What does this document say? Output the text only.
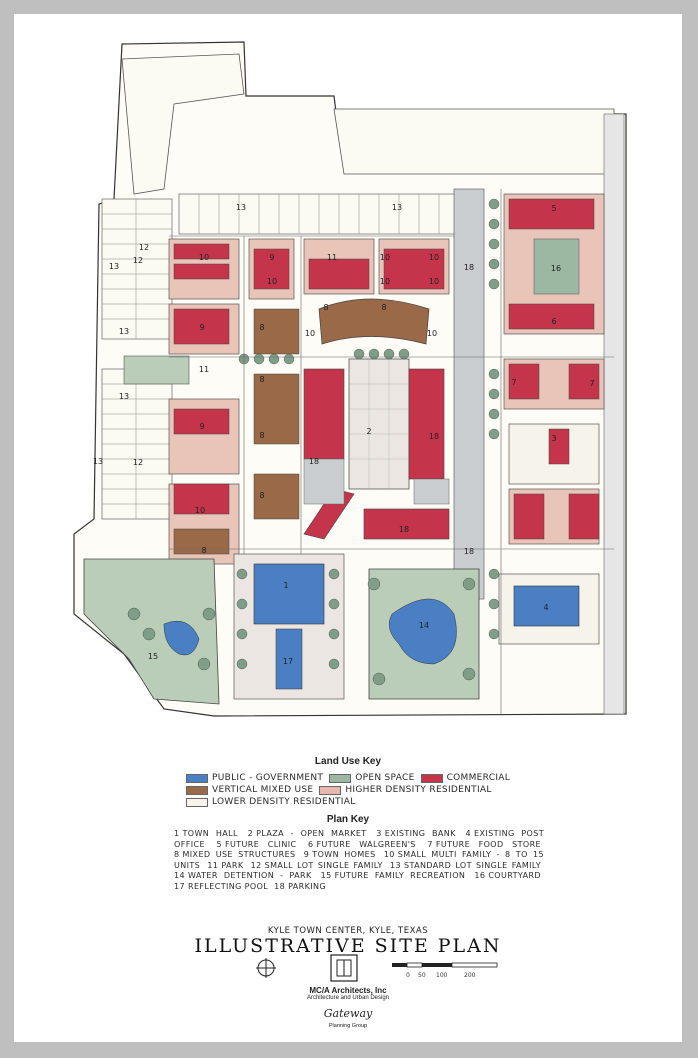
13	13
12
13
13
10	9
10
11	10
10
10
10
9	8
8	8
10	10
11
13
12
9
8	2
18
18
8
10
8
18
18
5
16
6
7	7
3
4
1
17
14
15
18
13
12
8
Land Use Key
PUBLIC - GOVERNMENT	OPEN SPACE	COMMERCIAL
VERTICAL MIXED USE	HIGHER DENSITY RESIDENTIAL
LOWER DENSITY RESIDENTIAL
Plan Key
1 TOWN HALL 2 PLAZA - OPEN MARKET 3 EXISTING BANK 4 EXISTING POST OFFICE 5 FUTURE CLINIC 6 FUTURE WALGREEN'S 7 FUTURE FOOD STORE 8 MIXED USE STRUCTURES 9 TOWN HOMES 10 SMALL MULTI FAMILY - 8 TO 15 UNITS 11 PARK 12 SMALL LOT SINGLE FAMILY 13 STANDARD LOT SINGLE FAMILY 14 WATER DETENTION - PARK 15 FUTURE FAMILY RECREATION 16 COURTYARD 17 REFLECTING POOL 18 PARKING
KYLE TOWN CENTER, KYLE, TEXAS
ILLUSTRATIVE SITE PLAN
0 50 100	200
MC/A Architects, Inc
Architecture and Urban Design
Gateway
Planning Group
